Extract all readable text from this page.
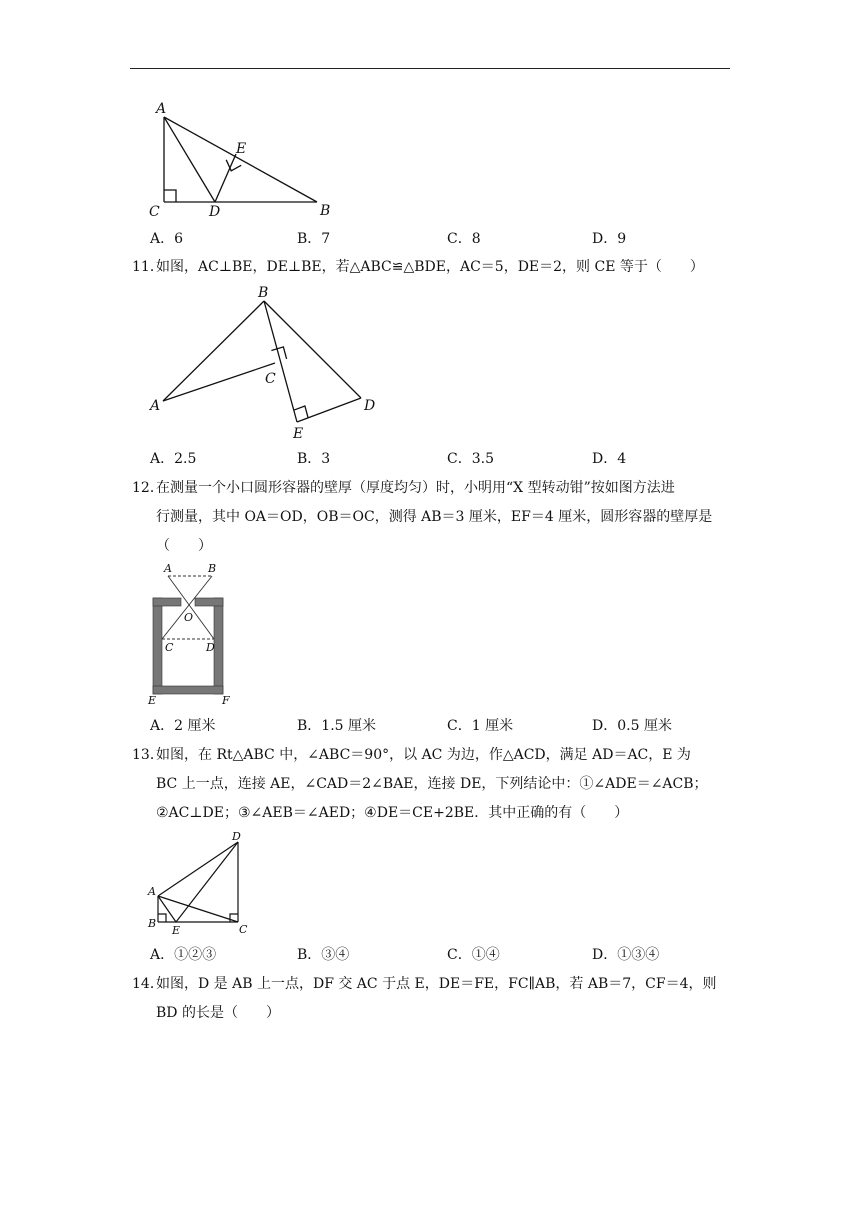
A
E
C	D	B
A．6	B．7	C．8	D．9
11．

如图，AC⊥BE，DE⊥BE，若△ABC≌△BDE，AC＝5，DE＝2，则 CE 等于（　　）

B
C
A
E
D
A．2.5	B．3	C．3.5	D．4
12．

在测量一个小口圆形容器的壁厚（厚度均匀）时，小明用“X 型转动钳”按如图方法进

行测量，其中 OA＝OD，OB＝OC，测得 AB＝3 厘米，EF＝4 厘米，圆形容器的壁厚是

（　　）

A	B
O
C	D
E	F
A．2 厘米	B．1.5 厘米	C．1 厘米	D．0.5 厘米
13．

如图，在 Rt△ABC 中，∠ABC＝90°，以 AC 为边，作△ACD，满足 AD＝AC，E 为

BC 上一点，连接 AE，∠CAD＝2∠BAE，连接 DE，下列结论中：①∠ADE＝∠ACB；

②AC⊥DE；③∠AEB＝∠AED；④DE＝CE+2BE．其中正确的有（　　）

D
A
B
E	C
A．①②③	B．③④	C．①④	D．①③④
14．

如图，D 是 AB 上一点，DF 交 AC 于点 E，DE＝FE，FC∥AB，若 AB＝7，CF＝4，则

BD 的长是（　　）
